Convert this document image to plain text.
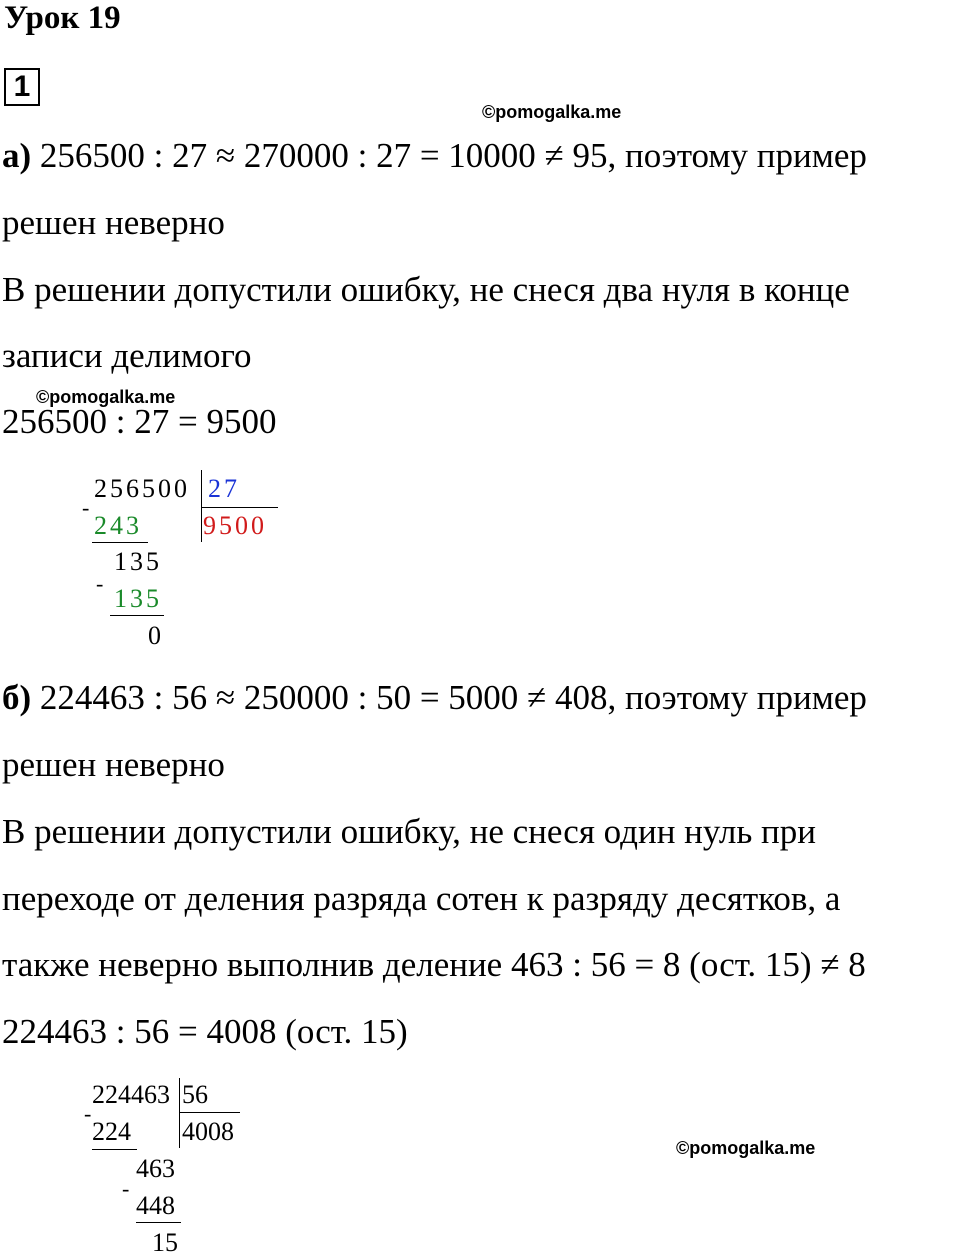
Урок 19
1
©pomogalka.me
а) 256500 : 27 ≈ 270000 : 27 = 10000 ≠ 95, поэтому пример
решен неверно
В решении допустили ошибку, не снеся два нуля в конце
записи делимого
©pomogalka.me
256500 : 27 = 9500
256500 27
9500
-
243
135
-
135
0
б) 224463 : 56 ≈ 250000 : 50 = 5000 ≠ 408, поэтому пример
решен неверно
В решении допустили ошибку, не снеся один нуль при
переходе от деления разряда сотен к разряду десятков, а
также неверно выполнив деление 463 : 56 = 8 (ост. 15) ≠ 8
224463 : 56 = 4008 (ост. 15)
224463 56
4008
-
224
463
-
448
15
©pomogalka.me
